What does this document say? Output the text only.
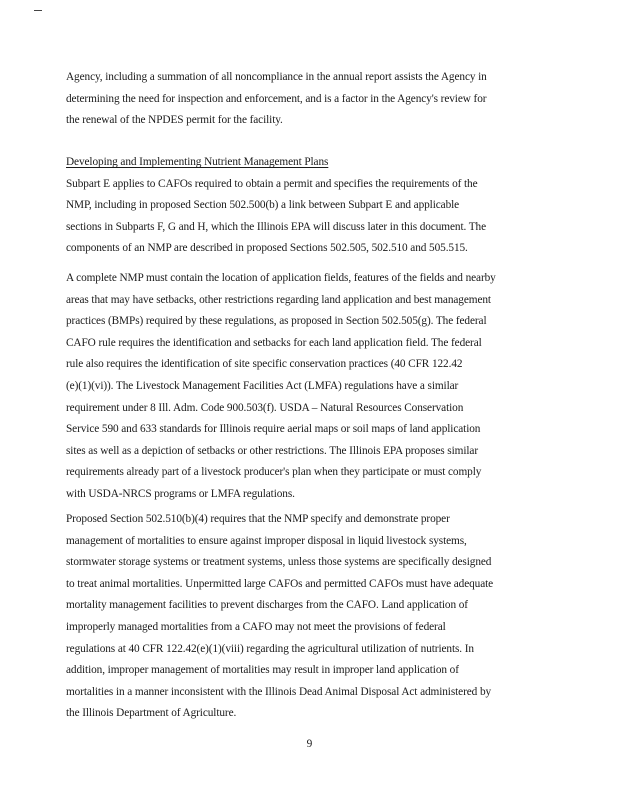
Agency, including a summation of all noncompliance in the annual report assists the Agency in
determining the need for inspection and enforcement, and is a factor in the Agency's review for
the renewal of the NPDES permit for the facility.
Developing and Implementing Nutrient Management Plans
Subpart E applies to CAFOs required to obtain a permit and specifies the requirements of the
NMP, including in proposed Section 502.500(b) a link between Subpart E and applicable
sections in Subparts F, G and H, which the Illinois EPA will discuss later in this document. The
components of an NMP are described in proposed Sections 502.505, 502.510 and 505.515.
A complete NMP must contain the location of application fields, features of the fields and nearby
areas that may have setbacks, other restrictions regarding land application and best management
practices (BMPs) required by these regulations, as proposed in Section 502.505(g). The federal
CAFO rule requires the identification and setbacks for each land application field. The federal
rule also requires the identification of site specific conservation practices (40 CFR 122.42
(e)(1)(vi)). The Livestock Management Facilities Act (LMFA) regulations have a similar
requirement under 8 Ill. Adm. Code 900.503(f). USDA – Natural Resources Conservation
Service 590 and 633 standards for Illinois require aerial maps or soil maps of land application
sites as well as a depiction of setbacks or other restrictions. The Illinois EPA proposes similar
requirements already part of a livestock producer's plan when they participate or must comply
with USDA-NRCS programs or LMFA regulations.
Proposed Section 502.510(b)(4) requires that the NMP specify and demonstrate proper
management of mortalities to ensure against improper disposal in liquid livestock systems,
stormwater storage systems or treatment systems, unless those systems are specifically designed
to treat animal mortalities. Unpermitted large CAFOs and permitted CAFOs must have adequate
mortality management facilities to prevent discharges from the CAFO. Land application of
improperly managed mortalities from a CAFO may not meet the provisions of federal
regulations at 40 CFR 122.42(e)(1)(viii) regarding the agricultural utilization of nutrients. In
addition, improper management of mortalities may result in improper land application of
mortalities in a manner inconsistent with the Illinois Dead Animal Disposal Act administered by
the Illinois Department of Agriculture.
9
